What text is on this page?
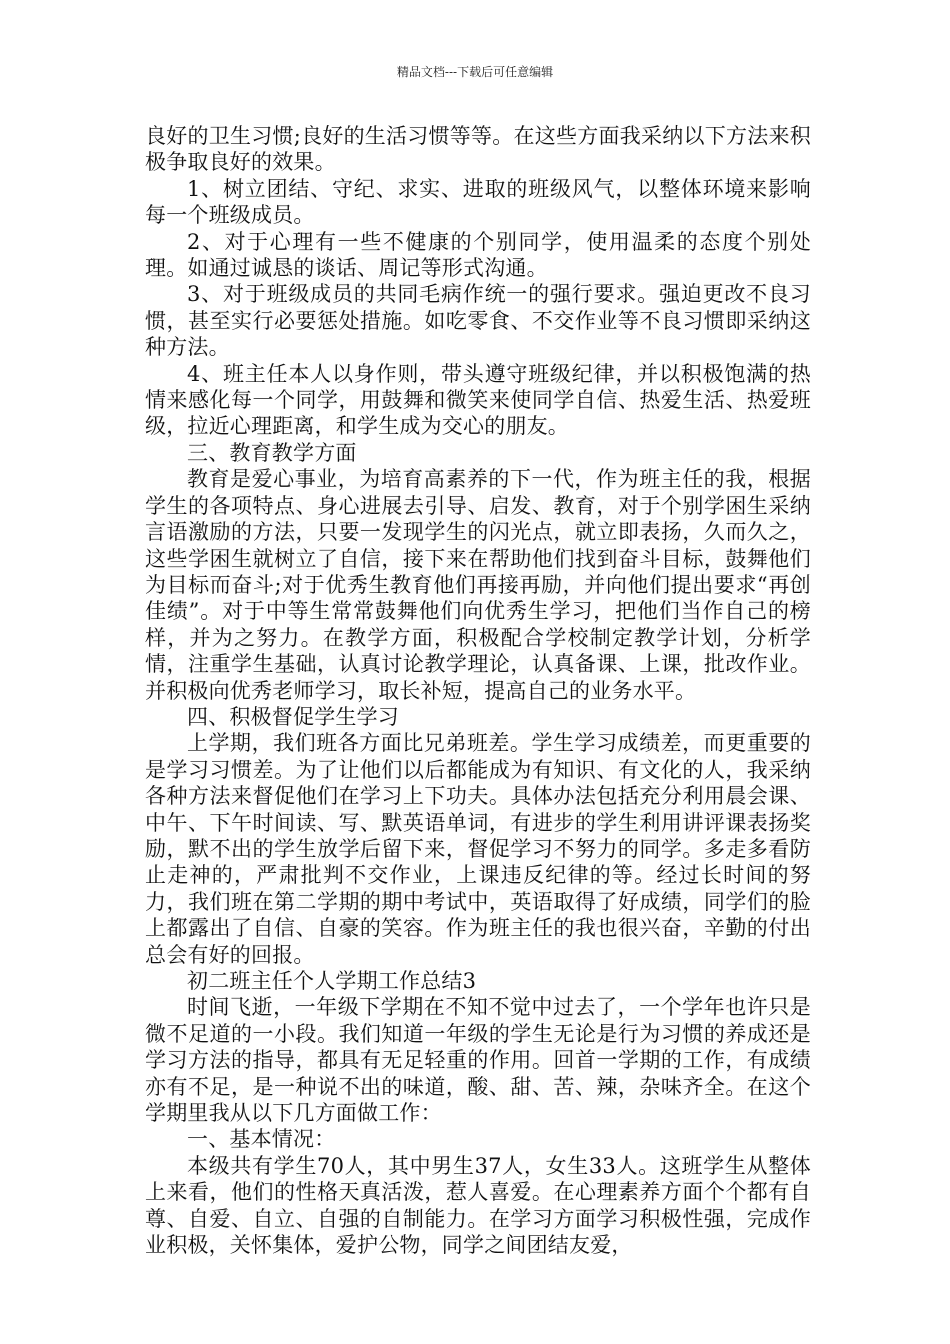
精品文档---下载后可任意编辑

良好的卫生习惯;良好的生活习惯等等。在这些方面我采纳以下方法来积极争取良好的效果。

1、树立团结、守纪、求实、进取的班级风气，以整体环境来影响每一个班级成员。

2、对于心理有一些不健康的个别同学，使用温柔的态度个别处理。如通过诚恳的谈话、周记等形式沟通。

3、对于班级成员的共同毛病作统一的强行要求。强迫更改不良习惯，甚至实行必要惩处措施。如吃零食、不交作业等不良习惯即采纳这种方法。

4、班主任本人以身作则，带头遵守班级纪律，并以积极饱满的热情来感化每一个同学，用鼓舞和微笑来使同学自信、热爱生活、热爱班级，拉近心理距离，和学生成为交心的朋友。

三、教育教学方面

教育是爱心事业，为培育高素养的下一代，作为班主任的我，根据学生的各项特点、身心进展去引导、启发、教育，对于个别学困生采纳言语激励的方法，只要一发现学生的闪光点，就立即表扬，久而久之，这些学困生就树立了自信，接下来在帮助他们找到奋斗目标，鼓舞他们为目标而奋斗;对于优秀生教育他们再接再励，并向他们提出要求“再创佳绩”。对于中等生常常鼓舞他们向优秀生学习，把他们当作自己的榜样，并为之努力。在教学方面，积极配合学校制定教学计划，分析学情，注重学生基础，认真讨论教学理论，认真备课、上课，批改作业。并积极向优秀老师学习，取长补短，提高自己的业务水平。

四、积极督促学生学习

上学期，我们班各方面比兄弟班差。学生学习成绩差，而更重要的是学习习惯差。为了让他们以后都能成为有知识、有文化的人，我采纳各种方法来督促他们在学习上下功夫。具体办法包括充分利用晨会课、中午、下午时间读、写、默英语单词，有进步的学生利用讲评课表扬奖励，默不出的学生放学后留下来，督促学习不努力的同学。多走多看防止走神的，严肃批判不交作业，上课违反纪律的等。经过长时间的努力，我们班在第二学期的期中考试中，英语取得了好成绩，同学们的脸上都露出了自信、自豪的笑容。作为班主任的我也很兴奋，辛勤的付出总会有好的回报。

初二班主任个人学期工作总结3

时间飞逝，一年级下学期在不知不觉中过去了，一个学年也许只是微不足道的一小段。我们知道一年级的学生无论是行为习惯的养成还是学习方法的指导，都具有无足轻重的作用。回首一学期的工作，有成绩亦有不足，是一种说不出的味道，酸、甜、苦、辣，杂味齐全。在这个学期里我从以下几方面做工作：

一、基本情况：

本级共有学生70人，其中男生37人，女生33人。这班学生从整体上来看，他们的性格天真活泼，惹人喜爱。在心理素养方面个个都有自尊、自爱、自立、自强的自制能力。在学习方面学习积极性强，完成作业积极，关怀集体，爱护公物，同学之间团结友爱，
